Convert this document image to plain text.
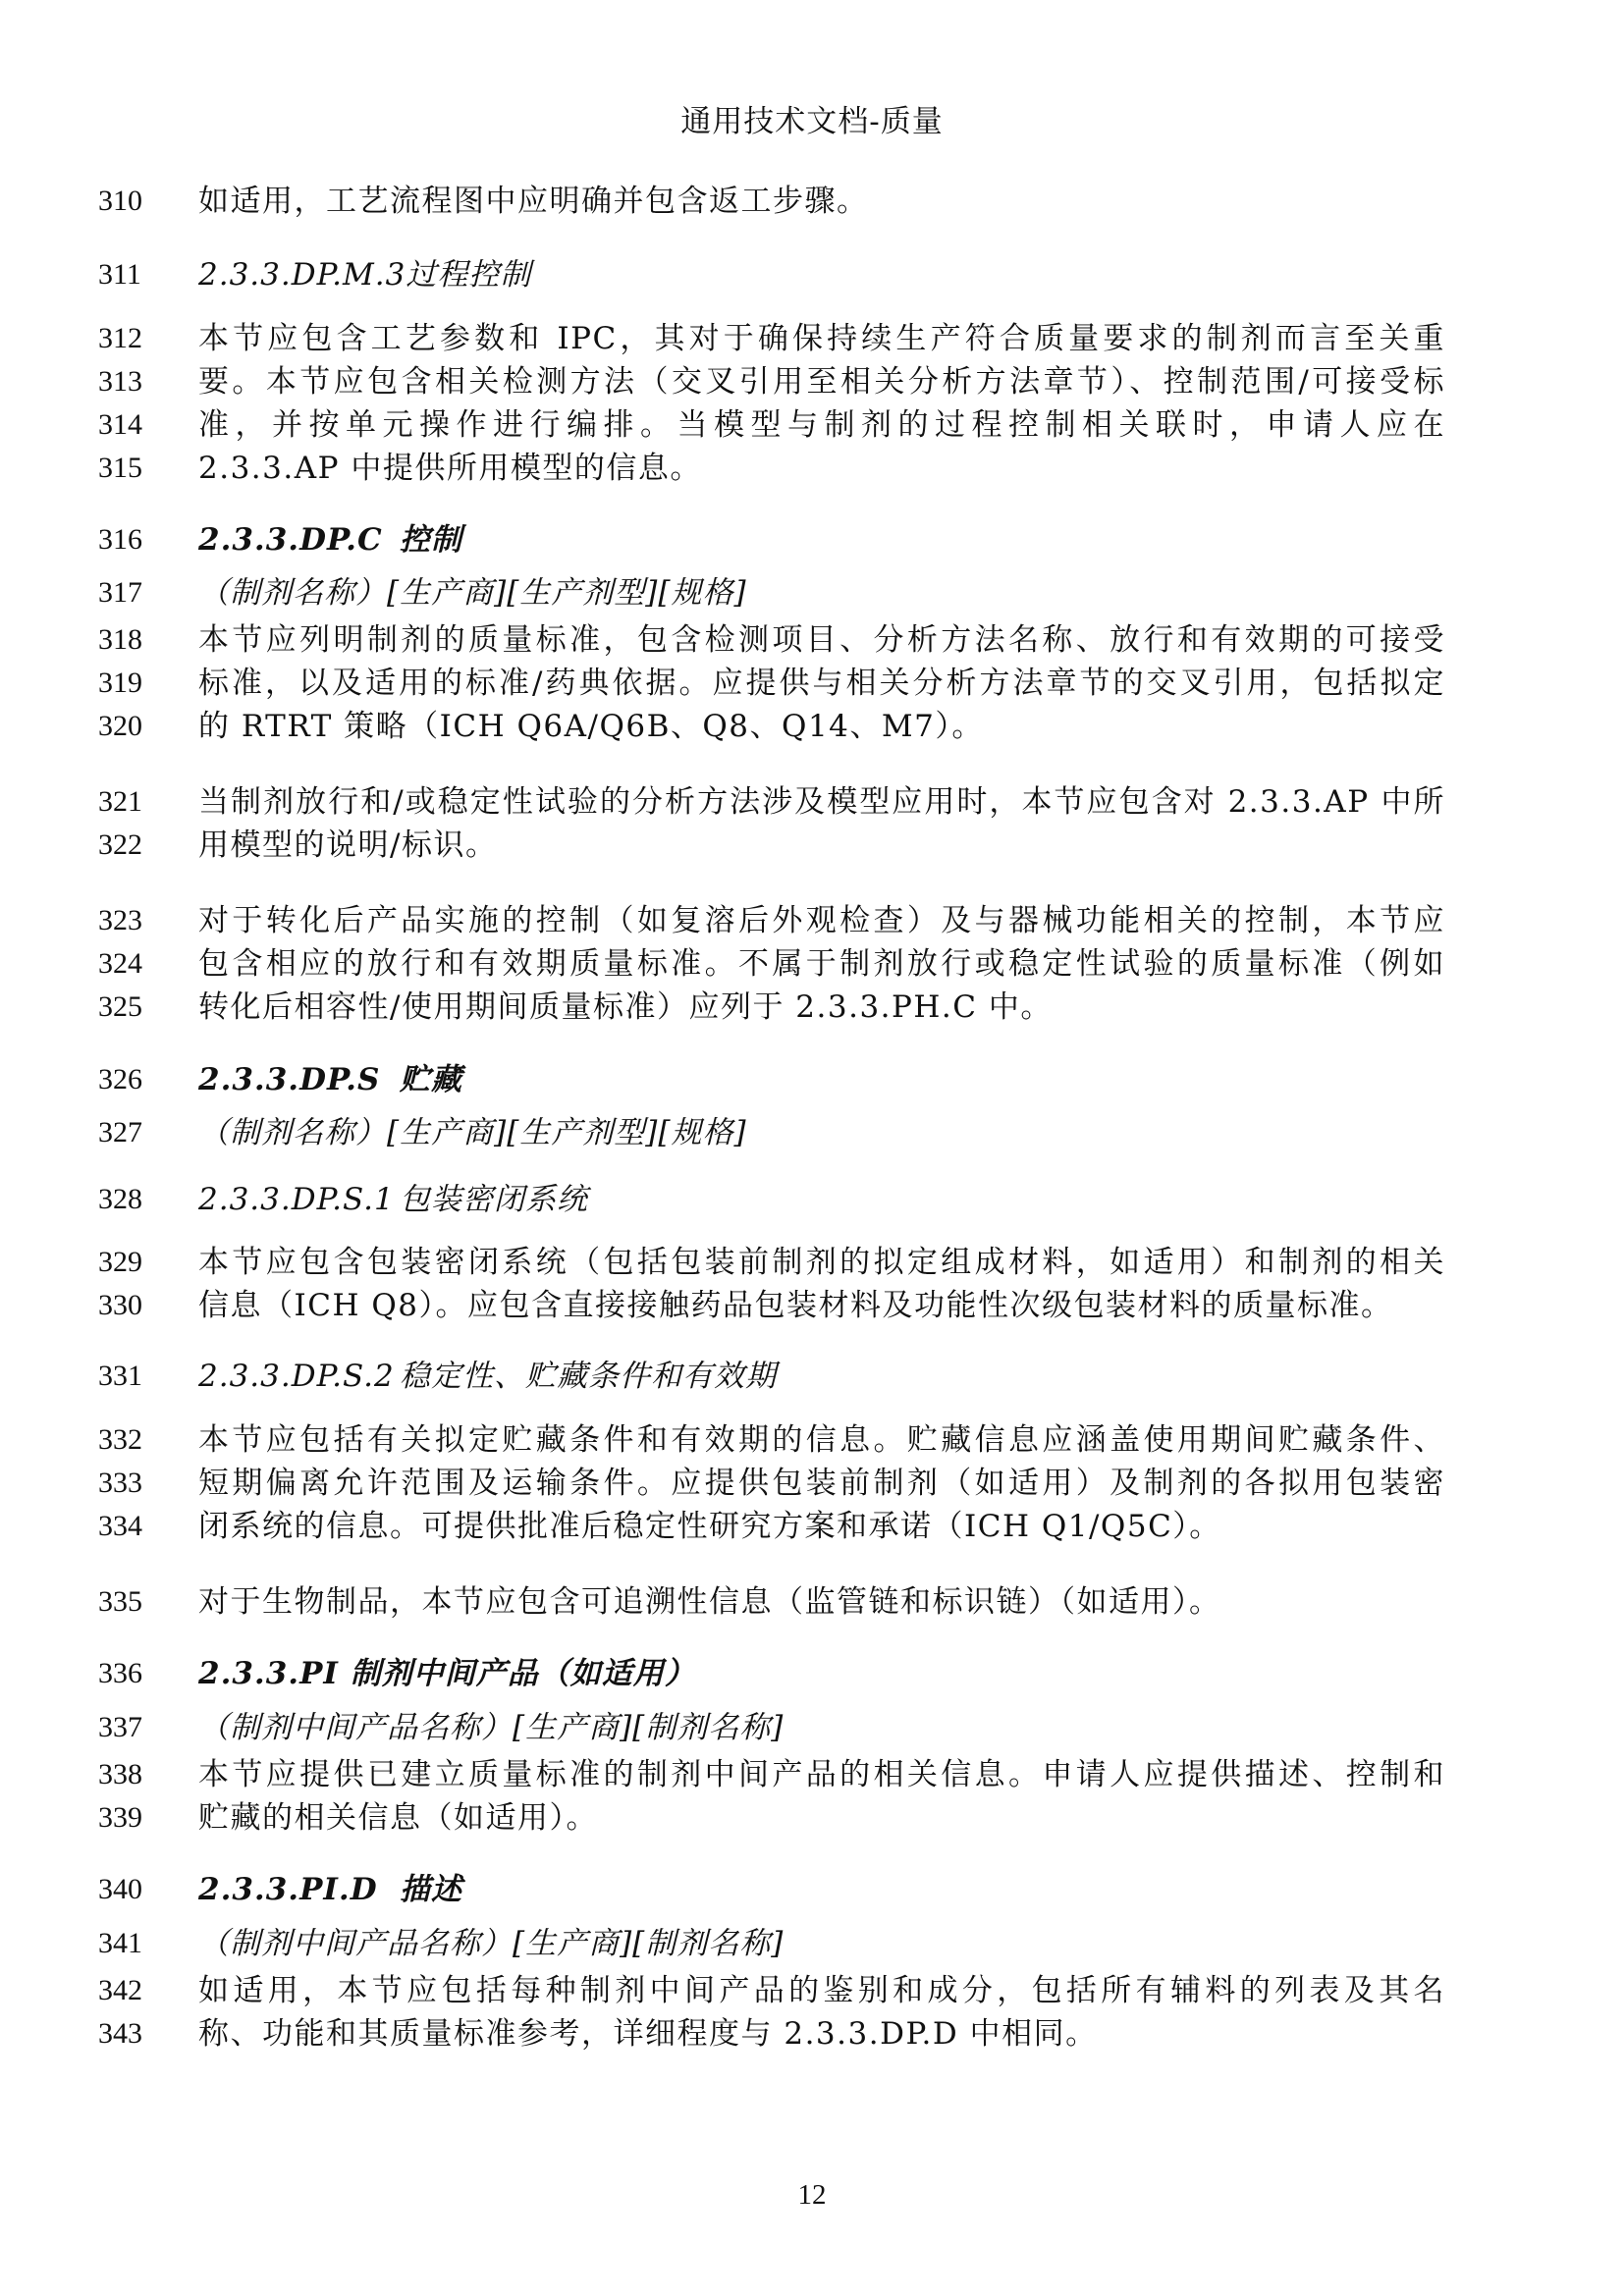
通用技术文档-质量
310	如适用，工艺流程图中应明确并包含返工步骤。
311	2.3.3.DP.M.3过程控制
312	本节应包含工艺参数和 IPC，其对于确保持续生产符合质量要求的制剂而言至关重
313	要。本节应包含相关检测方法（交叉引用至相关分析方法章节）、控制范围/可接受标
314	准，并按单元操作进行编排。当模型与制剂的过程控制相关联时，申请人应在
315	2.3.3.AP 中提供所用模型的信息。
316	2.3.3.DP.C 控制
317	（制剂名称）[生产商][生产剂型][规格]
318	本节应列明制剂的质量标准，包含检测项目、分析方法名称、放行和有效期的可接受
319	标准，以及适用的标准/药典依据。应提供与相关分析方法章节的交叉引用，包括拟定
320	的 RTRT 策略（ICH Q6A/Q6B、Q8、Q14、M7）。
321	当制剂放行和/或稳定性试验的分析方法涉及模型应用时，本节应包含对 2.3.3.AP 中所
322	用模型的说明/标识。
323	对于转化后产品实施的控制（如复溶后外观检查）及与器械功能相关的控制，本节应
324	包含相应的放行和有效期质量标准。不属于制剂放行或稳定性试验的质量标准（例如
325	转化后相容性/使用期间质量标准）应列于 2.3.3.PH.C 中。
326	2.3.3.DP.S 贮藏
327	（制剂名称）[生产商][生产剂型][规格]
328	2.3.3.DP.S.1 包装密闭系统
329	本节应包含包装密闭系统（包括包装前制剂的拟定组成材料，如适用）和制剂的相关
330	信息（ICH Q8）。应包含直接接触药品包装材料及功能性次级包装材料的质量标准。
331	2.3.3.DP.S.2 稳定性、贮藏条件和有效期
332	本节应包括有关拟定贮藏条件和有效期的信息。贮藏信息应涵盖使用期间贮藏条件、
333	短期偏离允许范围及运输条件。应提供包装前制剂（如适用）及制剂的各拟用包装密
334	闭系统的信息。可提供批准后稳定性研究方案和承诺（ICH Q1/Q5C）。
335	对于生物制品，本节应包含可追溯性信息（监管链和标识链）（如适用）。
336	2.3.3.PI 制剂中间产品（如适用）
337	（制剂中间产品名称）[生产商][制剂名称]
338	本节应提供已建立质量标准的制剂中间产品的相关信息。申请人应提供描述、控制和
339	贮藏的相关信息（如适用）。
340	2.3.3.PI.D 描述
341	（制剂中间产品名称）[生产商][制剂名称]
342	如适用，本节应包括每种制剂中间产品的鉴别和成分，包括所有辅料的列表及其名
343	称、功能和其质量标准参考，详细程度与 2.3.3.DP.D 中相同。
12
